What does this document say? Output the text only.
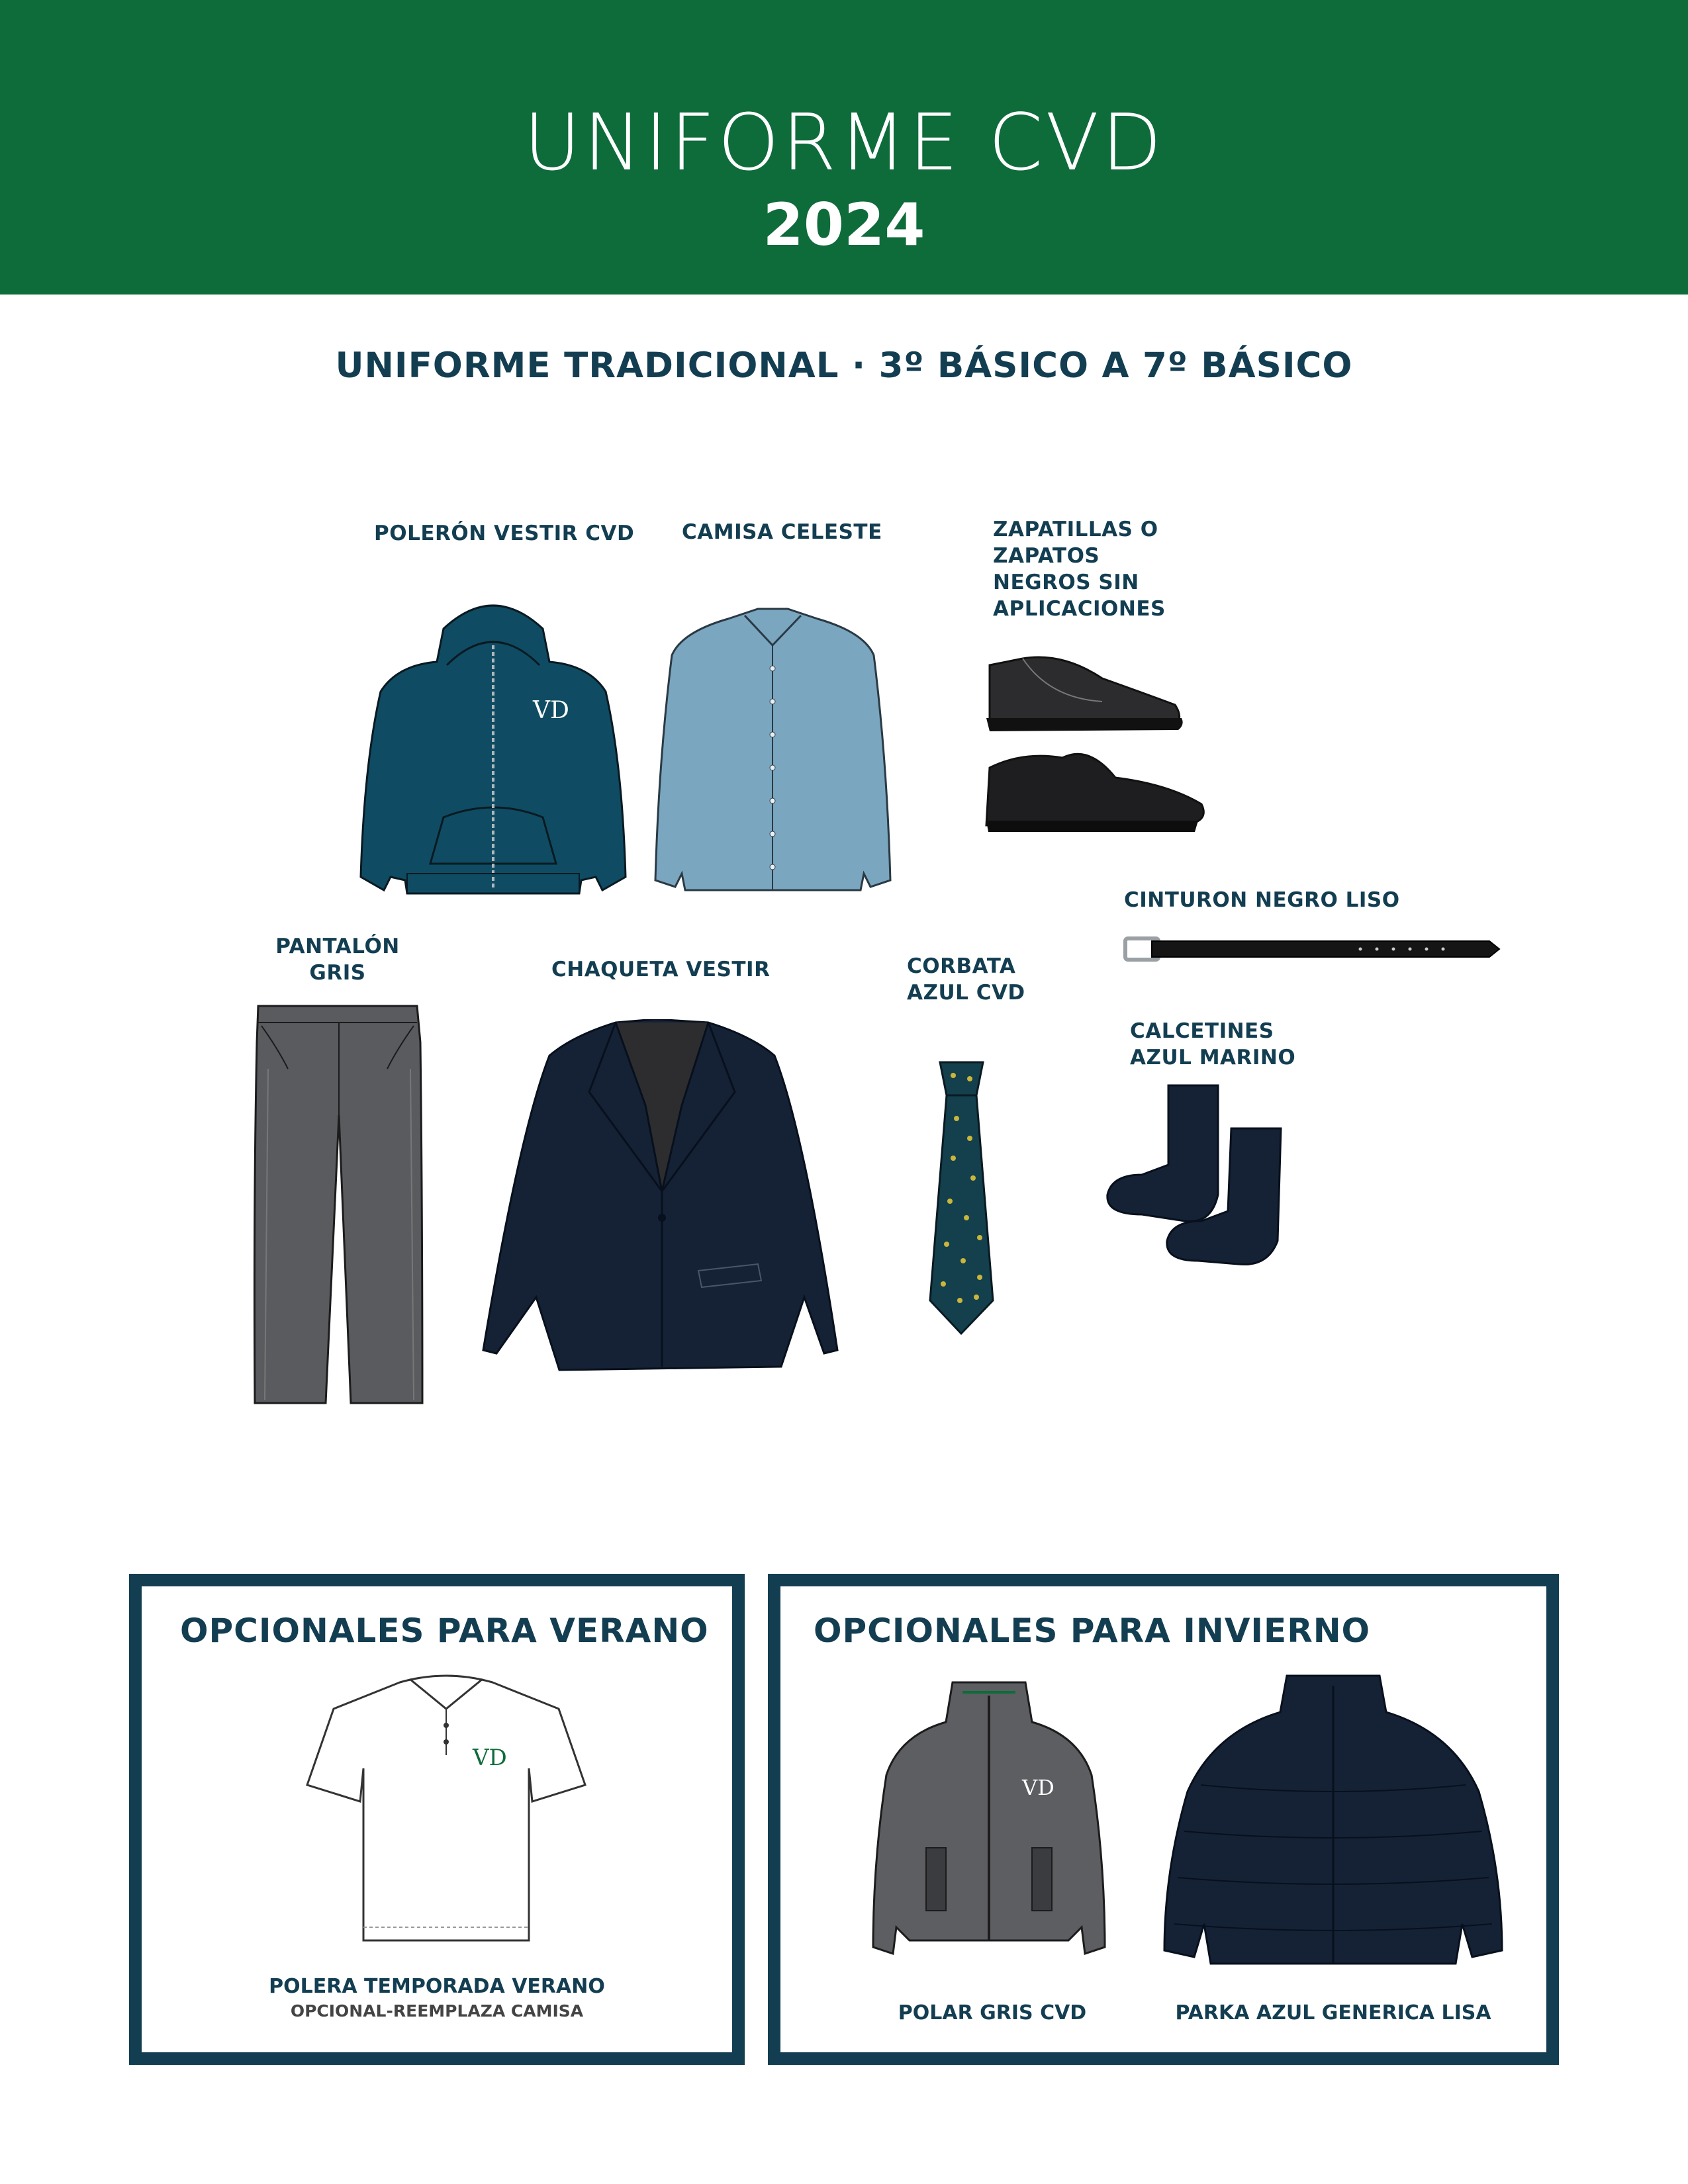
UNIFORME CVD
2024
UNIFORME TRADICIONAL · 3º BÁSICO A 7º BÁSICO
POLERÓN VESTIR CVD CAMISA CELESTE	ZAPATILLAS O
ZAPATOS
NEGROS SIN
APLICACIONES
CINTURON NEGRO LISO
PANTALÓN
GRIS	CHAQUETA VESTIR	CORBATA
AZUL CVD
CALCETINES
AZUL MARINO
VD
OPCIONALES PARA VERANO
VD
POLERA TEMPORADA VERANO
OPCIONAL-REEMPLAZA CAMISA
OPCIONALES PARA INVIERNO
VD
POLAR GRIS CVD	PARKA AZUL GENERICA LISA
